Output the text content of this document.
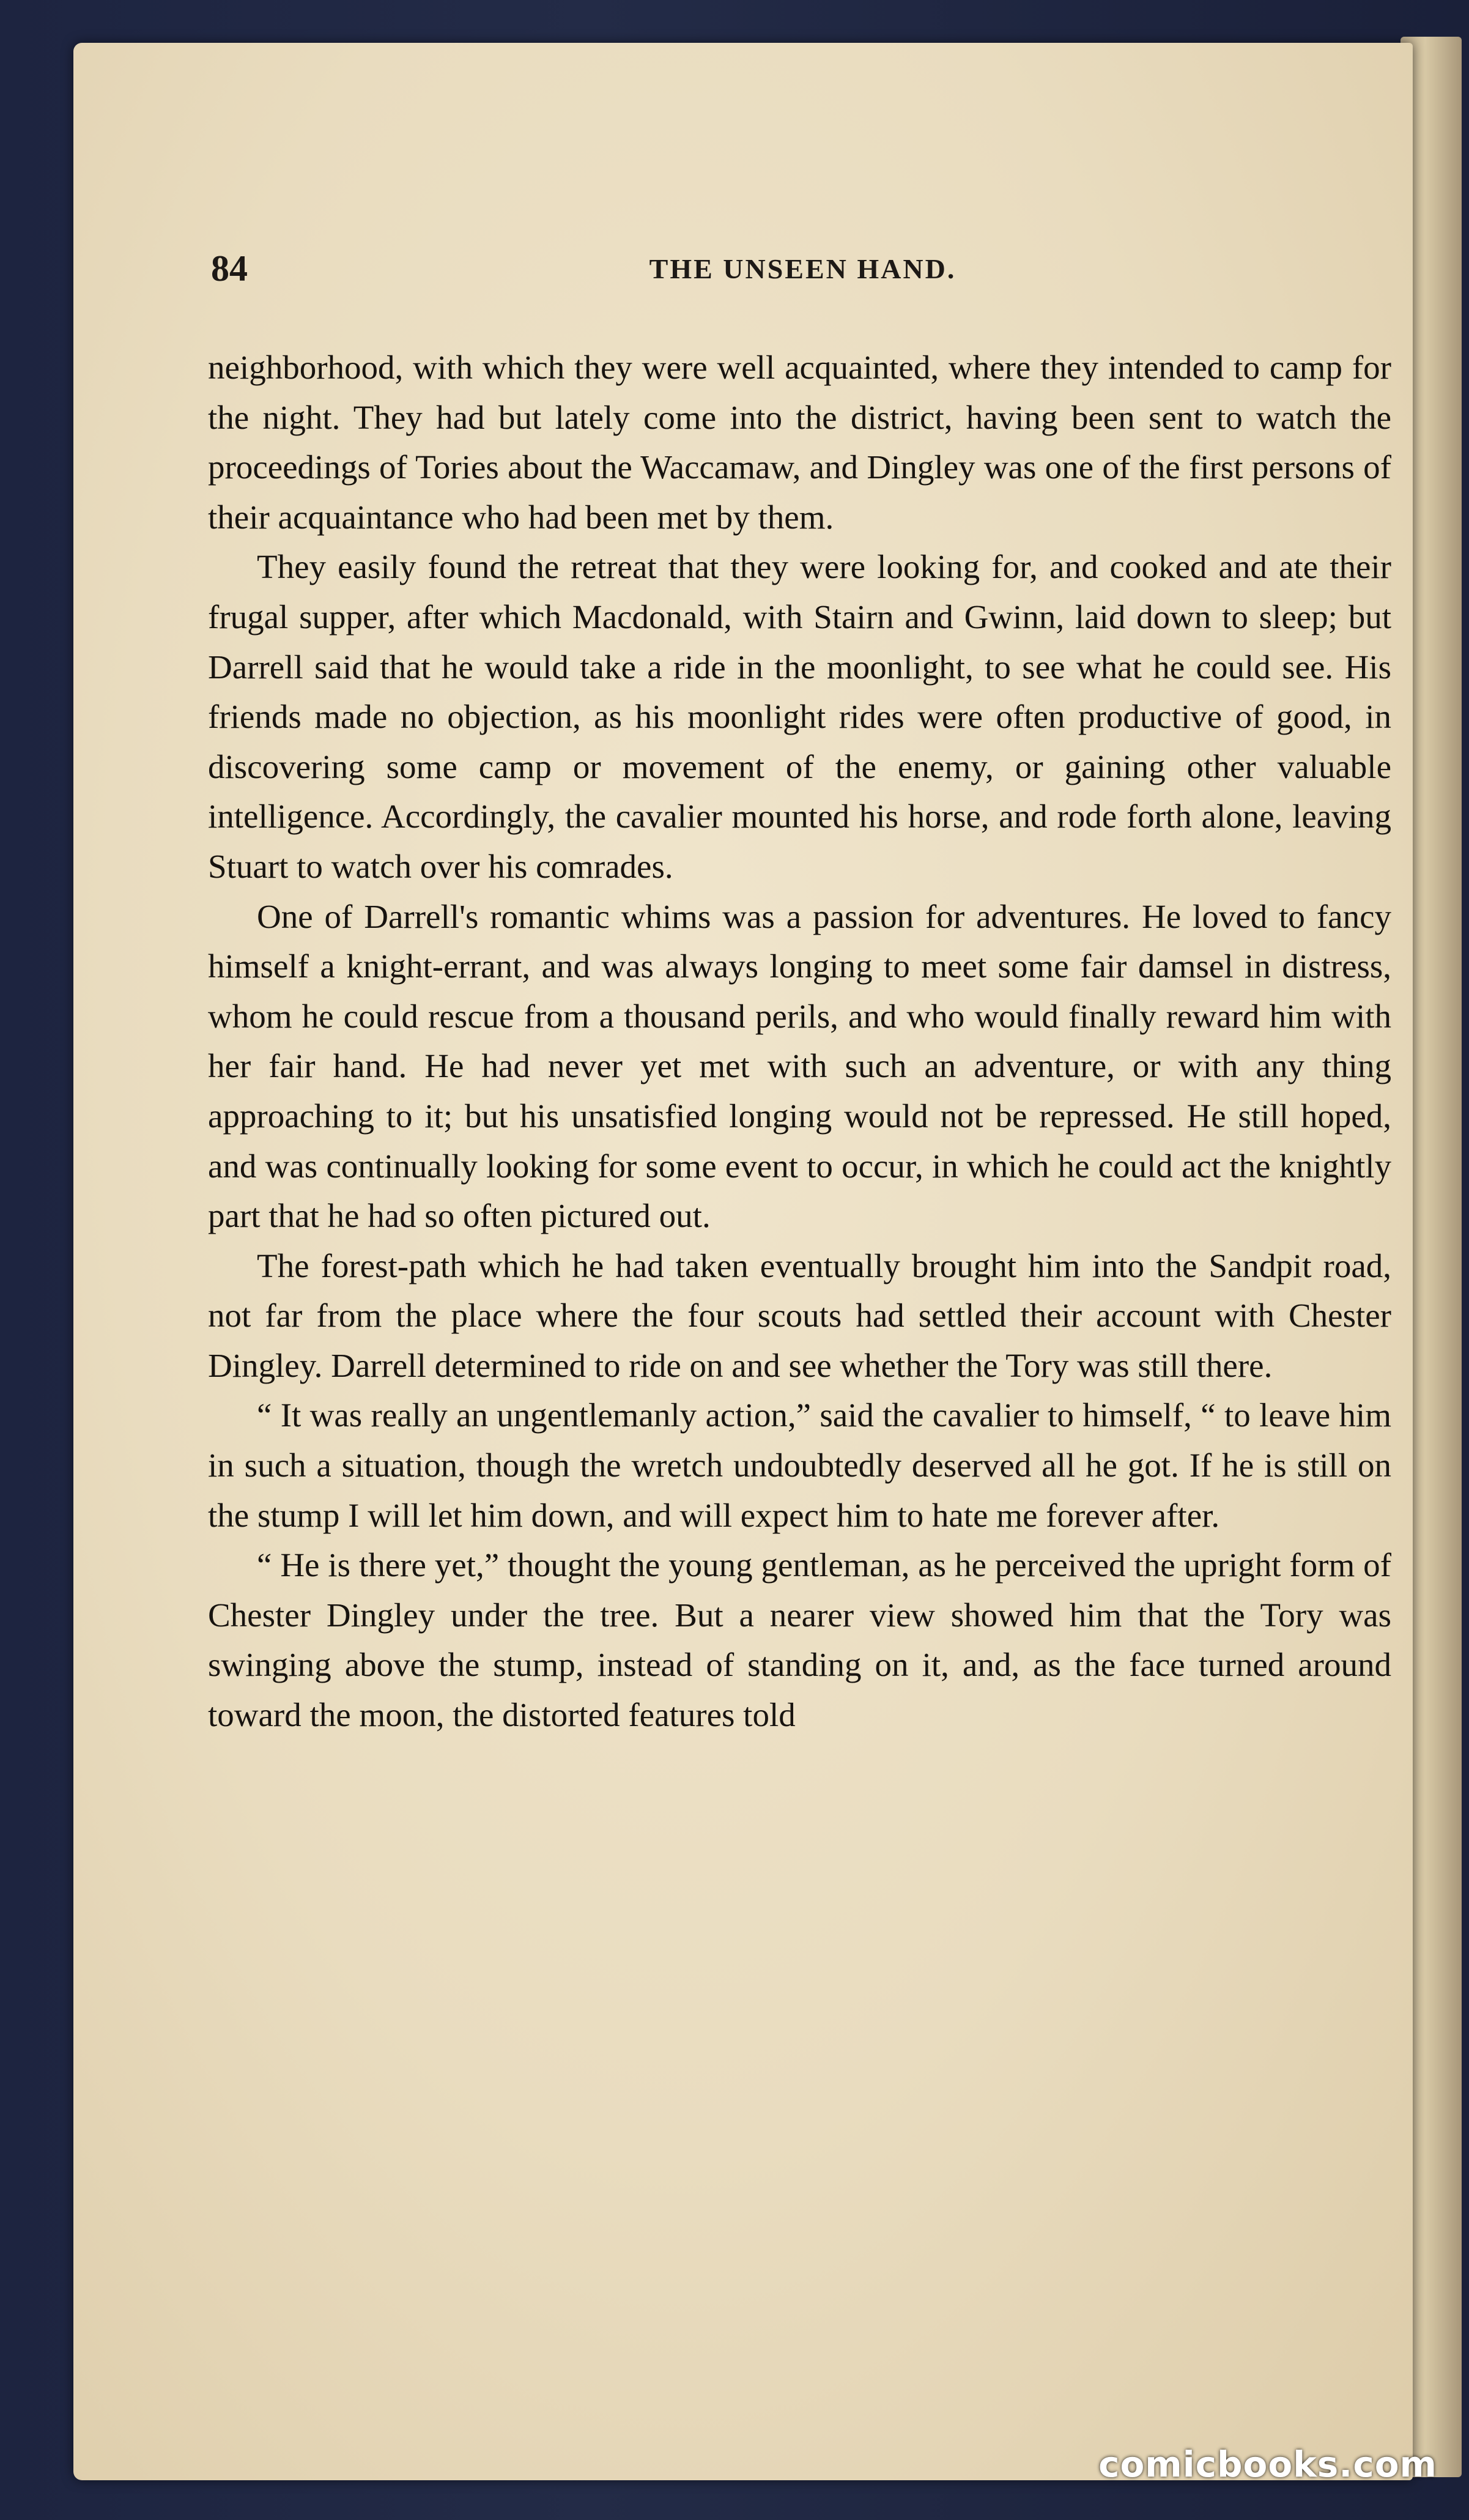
84	THE UNSEEN HAND.

neighborhood, with which they were well acquainted, where they intended to camp for the night. They had but lately come into the district, having been sent to watch the proceedings of Tories about the Waccamaw, and Dingley was one of the first persons of their acquaintance who had been met by them.

They easily found the retreat that they were looking for, and cooked and ate their frugal supper, after which Macdonald, with Stairn and Gwinn, laid down to sleep; but Darrell said that he would take a ride in the moonlight, to see what he could see. His friends made no objection, as his moonlight rides were often productive of good, in discovering some camp or movement of the enemy, or gaining other valuable intelligence. Accordingly, the cavalier mounted his horse, and rode forth alone, leaving Stuart to watch over his comrades.

One of Darrell's romantic whims was a passion for adventures. He loved to fancy himself a knight-errant, and was always longing to meet some fair damsel in distress, whom he could rescue from a thousand perils, and who would finally reward him with her fair hand. He had never yet met with such an adventure, or with any thing approaching to it; but his unsatisfied longing would not be repressed. He still hoped, and was continually looking for some event to occur, in which he could act the knightly part that he had so often pictured out.

The forest-path which he had taken eventually brought him into the Sandpit road, not far from the place where the four scouts had settled their account with Chester Dingley. Darrell determined to ride on and see whether the Tory was still there.

“ It was really an ungentlemanly action,” said the cavalier to himself, “ to leave him in such a situation, though the wretch undoubtedly deserved all he got. If he is still on the stump I will let him down, and will expect him to hate me forever after.

“ He is there yet,” thought the young gentleman, as he perceived the upright form of Chester Dingley under the tree. But a nearer view showed him that the Tory was swinging above the stump, instead of standing on it, and, as the face turned around toward the moon, the distorted features told

comicbooks.com
